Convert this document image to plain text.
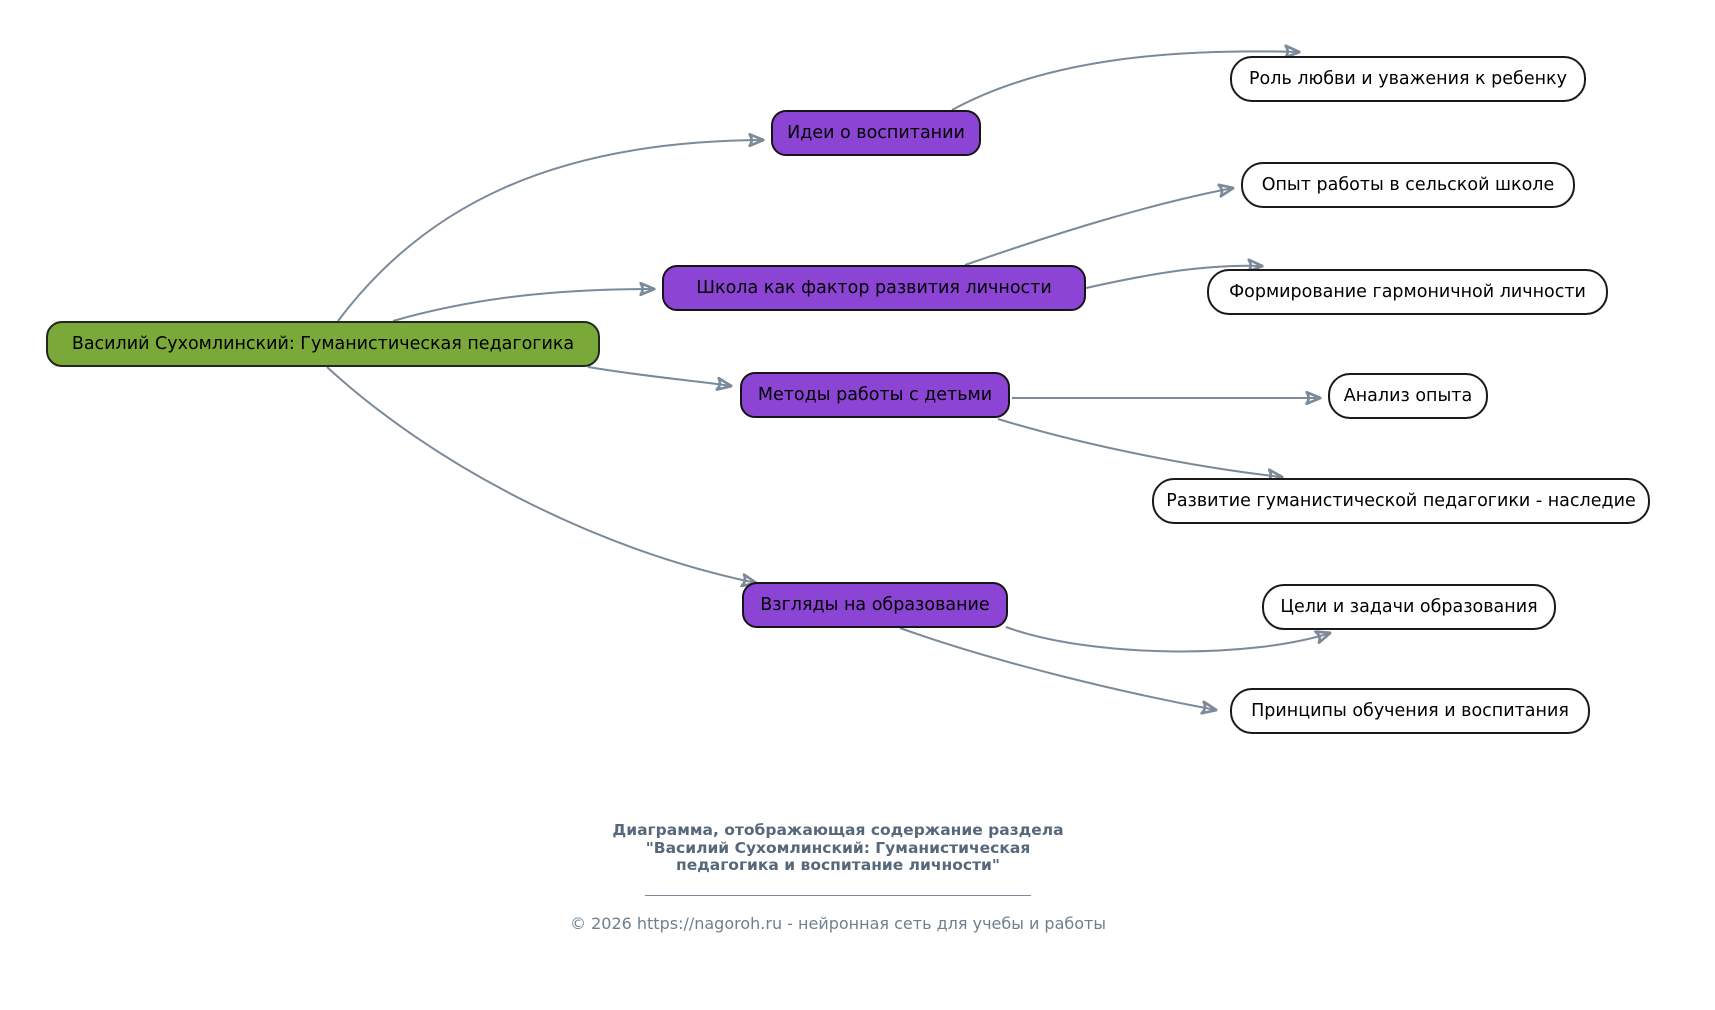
Василий Сухомлинский: Гуманистическая педагогика
Идеи о воспитании
Школа как фактор развития личности
Методы работы с детьми
Взгляды на образование
Роль любви и уважения к ребенку
Опыт работы в сельской школе
Формирование гармоничной личности
Анализ опыта
Развитие гуманистической педагогики - наследие
Цели и задачи образования
Принципы обучения и воспитания
Диаграмма, отображающая содержание раздела
"Василий Сухомлинский: Гуманистическая
педагогика и воспитание личности"
© 2026 https://nagoroh.ru - нейронная сеть для учебы и работы
